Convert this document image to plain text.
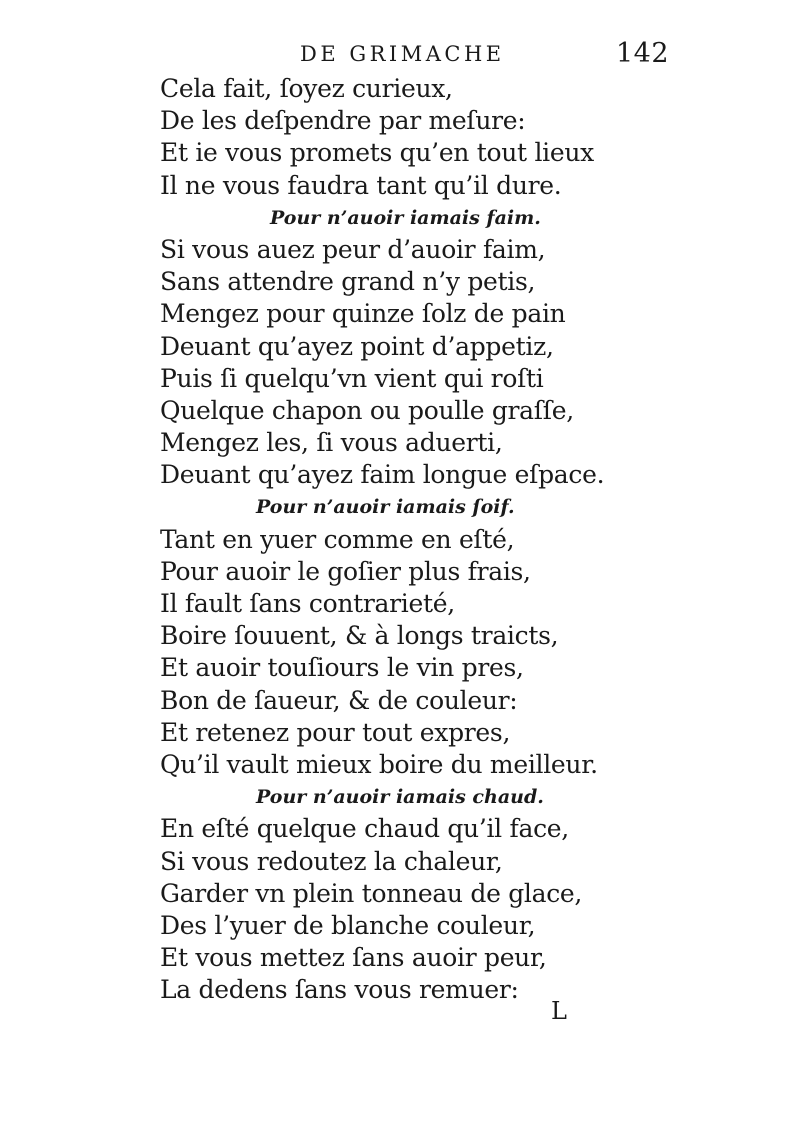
DE GRIMACHE	142
Cela fait, ſoyez curieux,
De les deſpendre par meſure:
Et ie vous promets qu’en tout lieux
Il ne vous faudra tant qu’il dure.
Pour n’auoir iamais faim.
Si vous auez peur d’auoir faim,
Sans attendre grand n’y petis,
Mengez pour quinze ſolz de pain
Deuant qu’ayez point d’appetiz,
Puis ſi quelqu’vn vient qui roſti
Quelque chapon ou poulle graſſe,
Mengez les, ſi vous aduerti,
Deuant qu’ayez faim longue eſpace.
Pour n’auoir iamais ſoif.
Tant en yuer comme en eſté,
Pour auoir le goſier plus frais,
Il fault ſans contrarieté,
Boire ſouuent, & à longs traicts,
Et auoir touſiours le vin pres,
Bon de ſaueur, & de couleur:
Et retenez pour tout expres,
Qu’il vault mieux boire du meilleur.
Pour n’auoir iamais chaud.
En eſté quelque chaud qu’il face,
Si vous redoutez la chaleur,
Garder vn plein tonneau de glace,
Des l’yuer de blanche couleur,
Et vous mettez ſans auoir peur,
La dedens ſans vous remuer:
L
